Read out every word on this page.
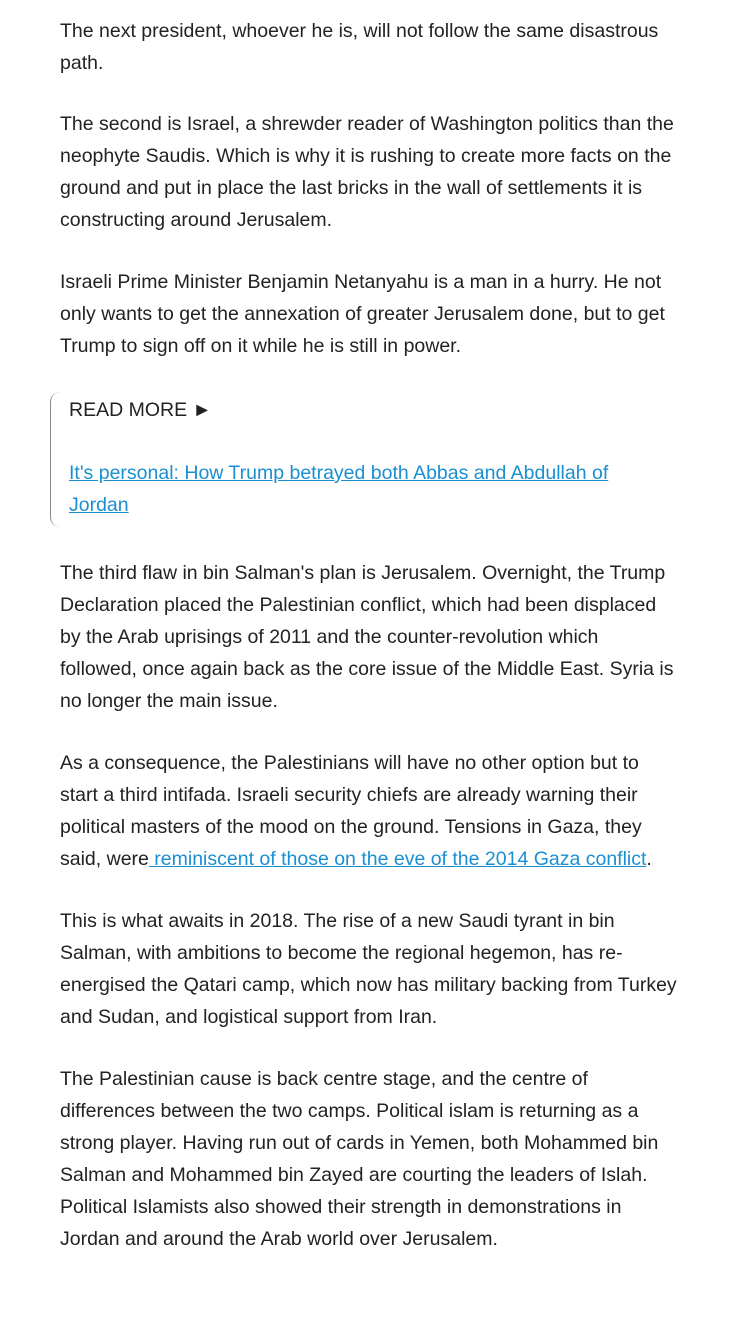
The next president, whoever he is, will not follow the same disastrous path.

The second is Israel, a shrewder reader of Washington politics than the neophyte Saudis. Which is why it is rushing to create more facts on the ground and put in place the last bricks in the wall of settlements it is constructing around Jerusalem.

Israeli Prime Minister Benjamin Netanyahu is a man in a hurry. He not only wants to get the annexation of greater Jerusalem done, but to get Trump to sign off on it while he is still in power.

READ MORE ►
It's personal: How Trump betrayed both Abbas and Abdullah of Jordan

The third flaw in bin Salman's plan is Jerusalem. Overnight, the Trump Declaration placed the Palestinian conflict, which had been displaced by the Arab uprisings of 2011 and the counter-revolution which followed, once again back as the core issue of the Middle East. Syria is no longer the main issue.

As a consequence, the Palestinians will have no other option but to start a third intifada. Israeli security chiefs are already warning their political masters of the mood on the ground. Tensions in Gaza, they said, were reminiscent of those on the eve of the 2014 Gaza conflict.

This is what awaits in 2018. The rise of a new Saudi tyrant in bin Salman, with ambitions to become the regional hegemon, has re-energised the Qatari camp, which now has military backing from Turkey and Sudan, and logistical support from Iran.

The Palestinian cause is back centre stage, and the centre of differences between the two camps. Political islam is returning as a strong player. Having run out of cards in Yemen, both Mohammed bin Salman and Mohammed bin Zayed are courting the leaders of Islah. Political Islamists also showed their strength in demonstrations in Jordan and around the Arab world over Jerusalem.
